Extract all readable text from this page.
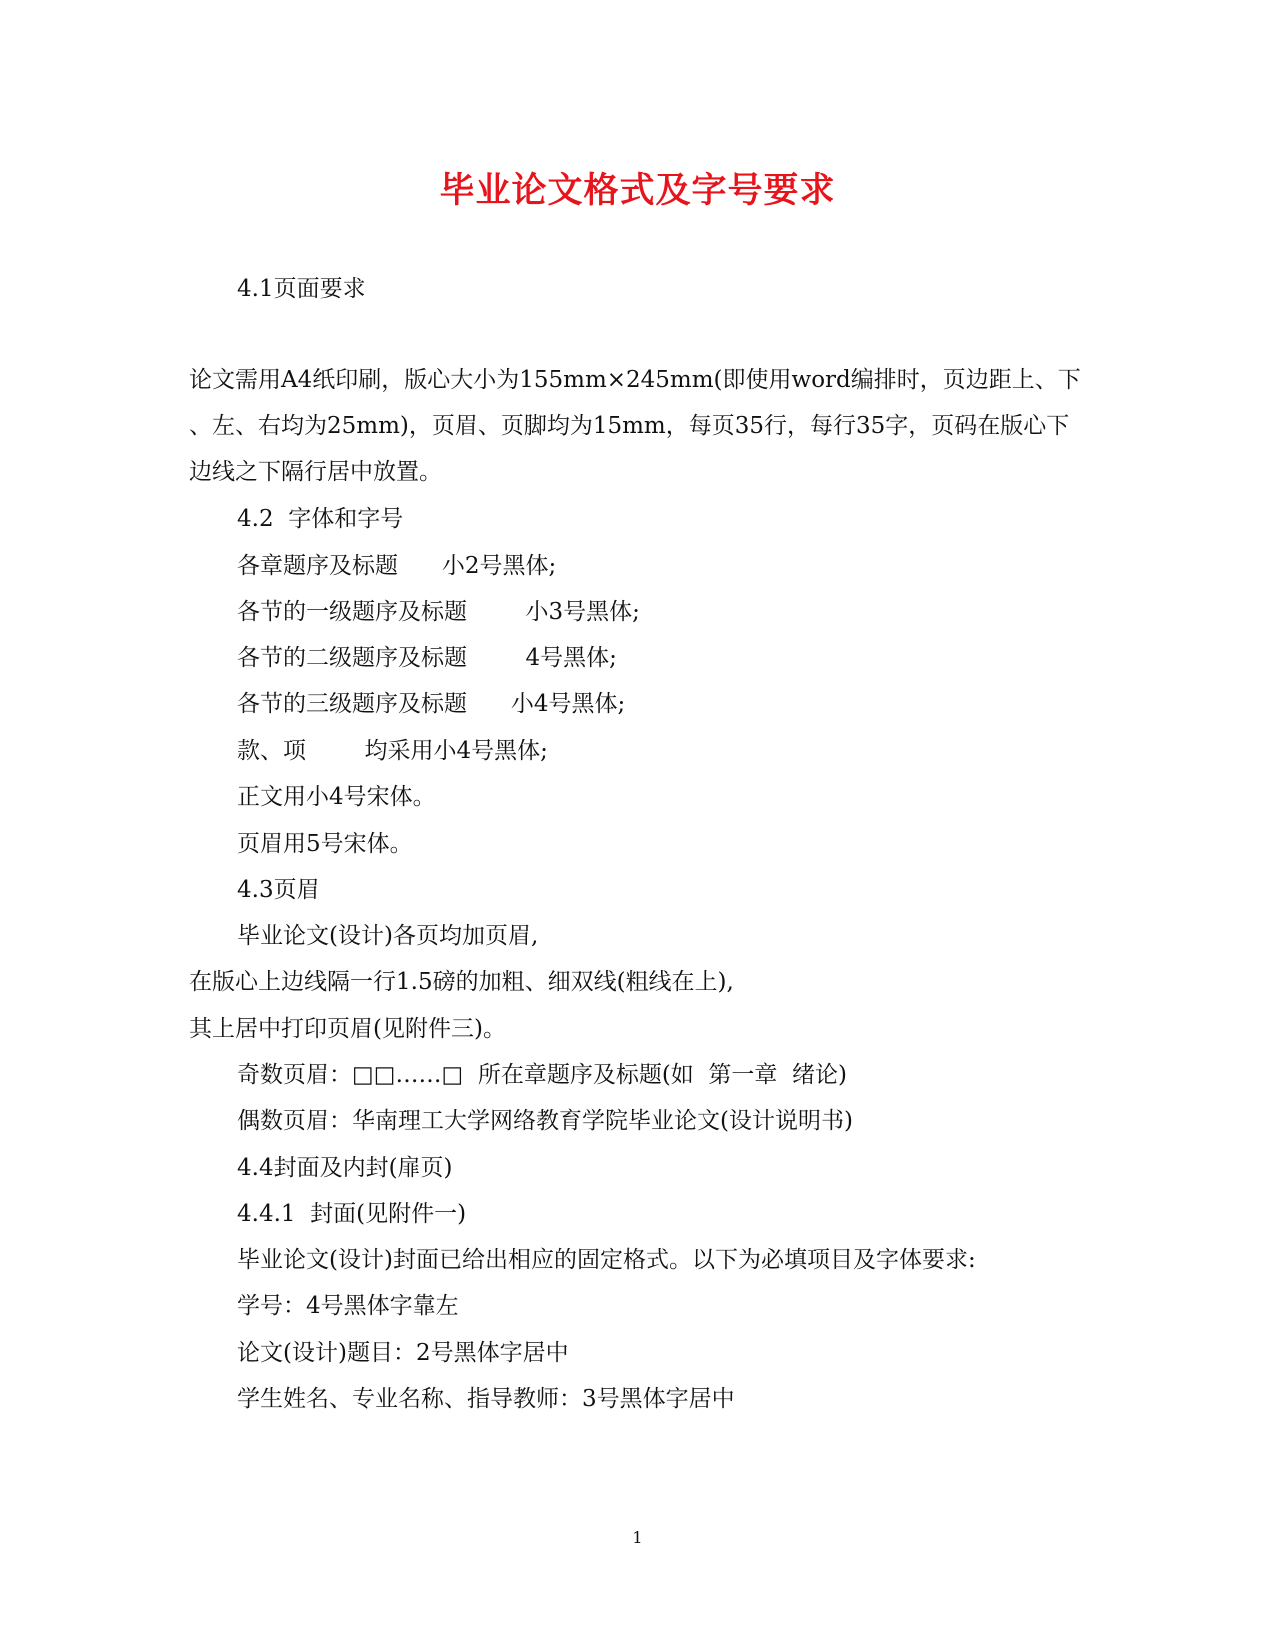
毕业论文格式及字号要求
4.1页面要求
论文需用A4纸印刷，版心大小为155mm×245mm(即使用word编排时，页边距上、下
、左、右均为25mm)，页眉、页脚均为15mm，每页35行，每行35字，页码在版心下
边线之下隔行居中放置。
4.2  字体和字号
各章题序及标题      小2号黑体;
各节的一级题序及标题        小3号黑体;
各节的二级题序及标题        4号黑体;
各节的三级题序及标题      小4号黑体;
款、项        均采用小4号黑体;
正文用小4号宋体。
页眉用5号宋体。
4.3页眉
毕业论文(设计)各页均加页眉,
在版心上边线隔一行1.5磅的加粗、细双线(粗线在上),
其上居中打印页眉(见附件三)。
奇数页眉：□□……□  所在章题序及标题(如  第一章  绪论)
偶数页眉：华南理工大学网络教育学院毕业论文(设计说明书)
4.4封面及内封(扉页)
4.4.1  封面(见附件一)
毕业论文(设计)封面已给出相应的固定格式。以下为必填项目及字体要求:
学号：4号黑体字靠左
论文(设计)题目：2号黑体字居中
学生姓名、专业名称、指导教师：3号黑体字居中
1
